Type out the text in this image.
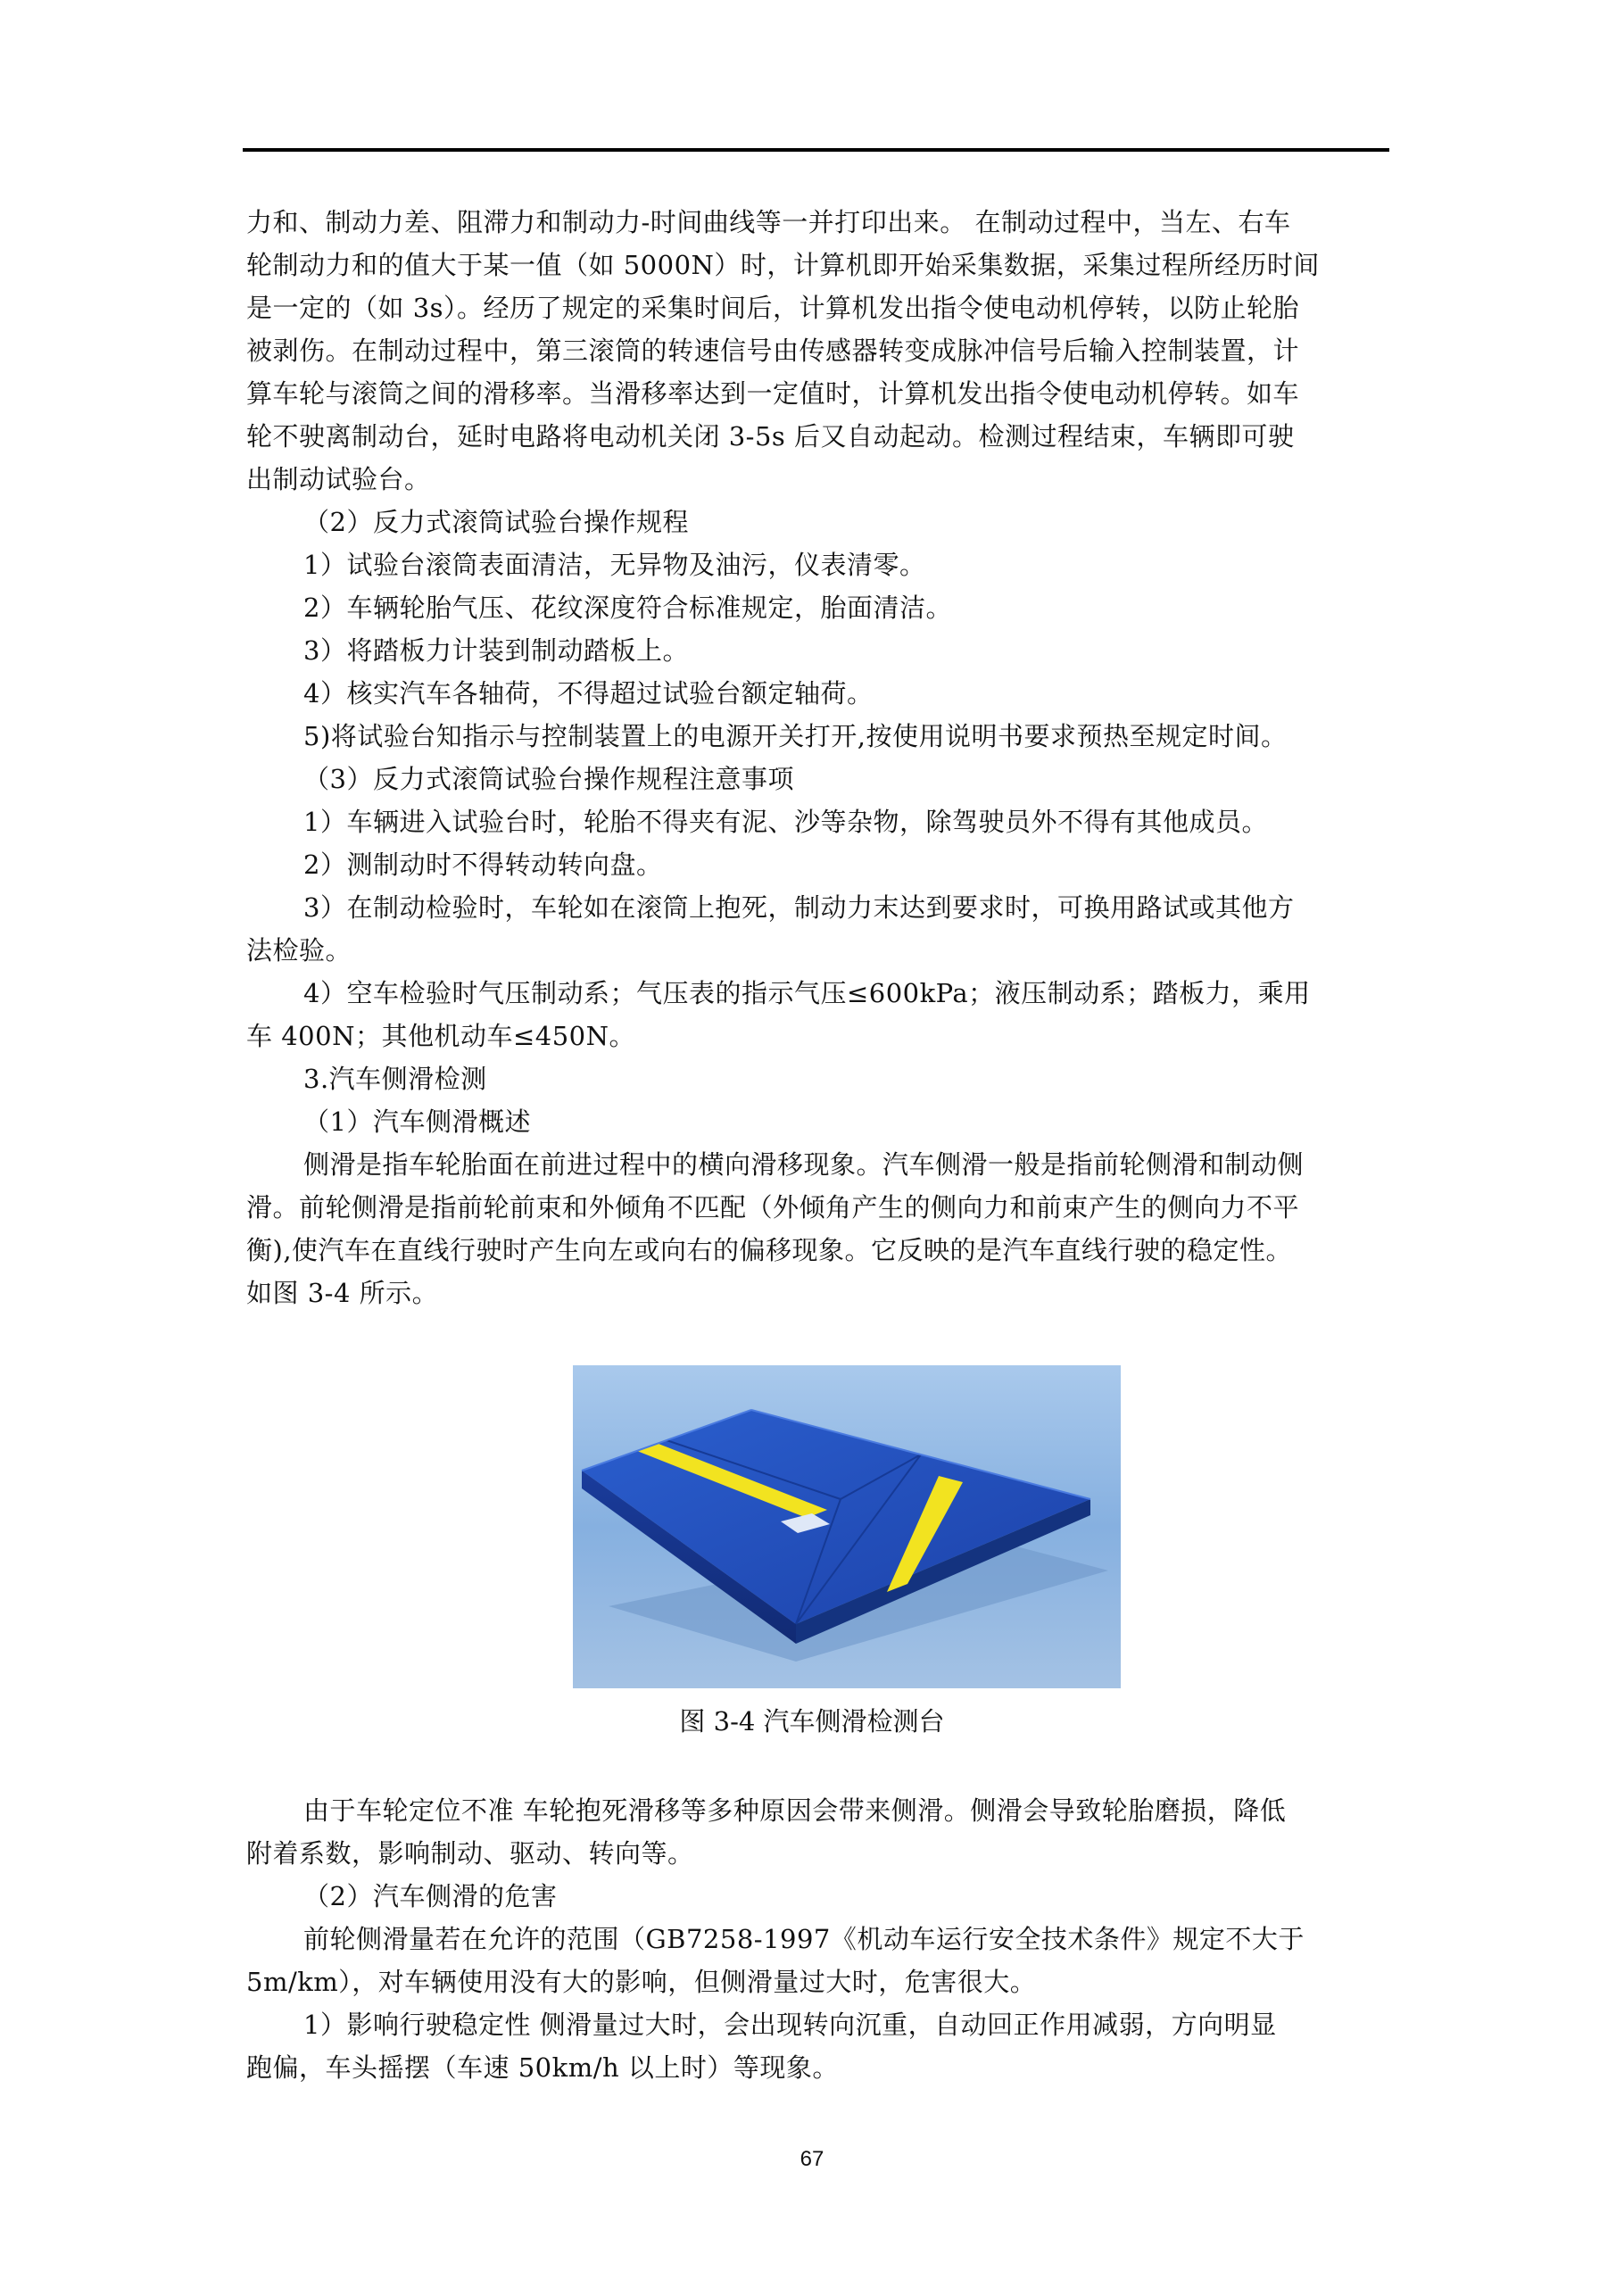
力和、制动力差、阻滞力和制动力-时间曲线等一并打印出来。 在制动过程中，当左、右车
轮制动力和的值大于某一值（如 5000N）时，计算机即开始采集数据，采集过程所经历时间
是一定的（如 3s）。经历了规定的采集时间后，计算机发出指令使电动机停转，以防止轮胎
被剥伤。在制动过程中，第三滚筒的转速信号由传感器转变成脉冲信号后输入控制装置，计
算车轮与滚筒之间的滑移率。当滑移率达到一定值时，计算机发出指令使电动机停转。如车
轮不驶离制动台，延时电路将电动机关闭 3-5s 后又自动起动。检测过程结束，车辆即可驶
出制动试验台。
（2）反力式滚筒试验台操作规程
1）试验台滚筒表面清洁，无异物及油污，仪表清零。
2）车辆轮胎气压、花纹深度符合标准规定，胎面清洁。
3）将踏板力计装到制动踏板上。
4）核实汽车各轴荷，不得超过试验台额定轴荷。
5)将试验台知指示与控制装置上的电源开关打开,按使用说明书要求预热至规定时间。
（3）反力式滚筒试验台操作规程注意事项
1）车辆进入试验台时，轮胎不得夹有泥、沙等杂物，除驾驶员外不得有其他成员。
2）测制动时不得转动转向盘。
3）在制动检验时，车轮如在滚筒上抱死，制动力末达到要求时，可换用路试或其他方
法检验。
4）空车检验时气压制动系；气压表的指示气压≤600kPa；液压制动系；踏板力，乘用
车 400N；其他机动车≤450N。
3.汽车侧滑检测
（1）汽车侧滑概述
侧滑是指车轮胎面在前进过程中的横向滑移现象。汽车侧滑一般是指前轮侧滑和制动侧
滑。前轮侧滑是指前轮前束和外倾角不匹配（外倾角产生的侧向力和前束产生的侧向力不平
衡),使汽车在直线行驶时产生向左或向右的偏移现象。它反映的是汽车直线行驶的稳定性。
如图 3-4 所示。
图 3-4 汽车侧滑检测台
由于车轮定位不准 车轮抱死滑移等多种原因会带来侧滑。侧滑会导致轮胎磨损，降低
附着系数，影响制动、驱动、转向等。
（2）汽车侧滑的危害
前轮侧滑量若在允许的范围（GB7258-1997《机动车运行安全技术条件》规定不大于
5m/km），对车辆使用没有大的影响，但侧滑量过大时，危害很大。
1）影响行驶稳定性 侧滑量过大时，会出现转向沉重，自动回正作用减弱，方向明显
跑偏，车头摇摆（车速 50km/h 以上时）等现象。
67
